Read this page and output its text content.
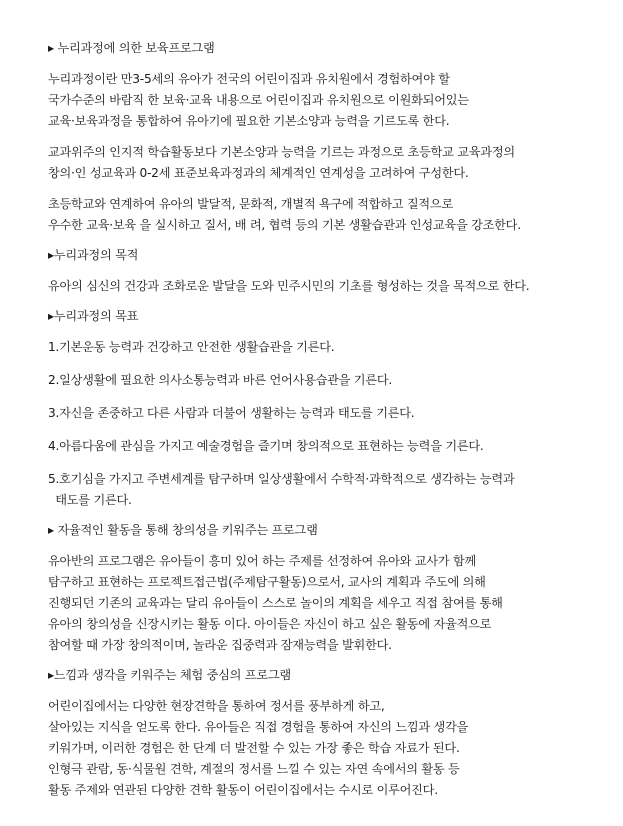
▸ 누리과정에 의한 보육프로그램
누리과정이란 만3-5세의 유아가 전국의 어린이집과 유치원에서 경험하여야 할
국가수준의 바람직 한 보육·교육 내용으로 어린이집과 유치원으로 이원화되어있는
교육·보육과정을 통합하여 유아기에 필요한 기본소양과 능력을 기르도록 한다.
교과위주의 인지적 학습활동보다 기본소양과 능력을 기르는 과정으로 초등학교 교육과정의
창의·인 성교육과 0-2세 표준보육과정과의 체계적인 연계성을 고려하여 구성한다.
초등학교와 연계하여 유아의 발달적, 문화적, 개별적 욕구에 적합하고 질적으로
우수한 교육·보육 을 실시하고 질서, 배 려, 협력 등의 기본 생활습관과 인성교육을 강조한다.
▸누리과정의 목적
유아의 심신의 건강과 조화로운 발달을 도와 민주시민의 기초를 형성하는 것을 목적으로 한다.
▸누리과정의 목표
1.기본운동 능력과 건강하고 안전한 생활습관을 기른다.
2.일상생활에 필요한 의사소통능력과 바른 언어사용습관을 기른다.
3.자신을 존중하고 다른 사람과 더불어 생활하는 능력과 태도를 기른다.
4.아름다움에 관심을 가지고 예술경험을 즐기며 창의적으로 표현하는 능력을 기른다.
5.호기심을 가지고 주변세계를 탐구하며 일상생활에서 수학적·과학적으로 생각하는 능력과
태도를 기른다.
▸ 자율적인 활동을 통해 창의성을 키워주는 프로그램
유아반의 프로그램은 유아들이 흥미 있어 하는 주제를 선정하여 유아와 교사가 함께
탐구하고 표현하는 프로젝트접근법(주제탐구활동)으로서, 교사의 계획과 주도에 의해
진행되던 기존의 교육과는 달리 유아들이 스스로 놀이의 계획을 세우고 직접 참여를 통해
유아의 창의성을 신장시키는 활동 이다. 아이들은 자신이 하고 싶은 활동에 자율적으로
참여할 때 가장 창의적이며, 놀라운 집중력과 잠재능력을 발휘한다.
▸느낌과 생각을 키워주는 체험 중심의 프로그램
어린이집에서는 다양한 현장견학을 통하여 정서를 풍부하게 하고,
살아있는 지식을 얻도록 한다. 유아들은 직접 경험을 통하여 자신의 느낌과 생각을
키워가며, 이러한 경험은 한 단계 더 발전할 수 있는 가장 좋은 학습 자료가 된다.
인형극 관람, 동·식물원 견학, 계절의 정서를 느낄 수 있는 자연 속에서의 활동 등
활동 주제와 연관된 다양한 견학 활동이 어린이집에서는 수시로 이루어진다.
